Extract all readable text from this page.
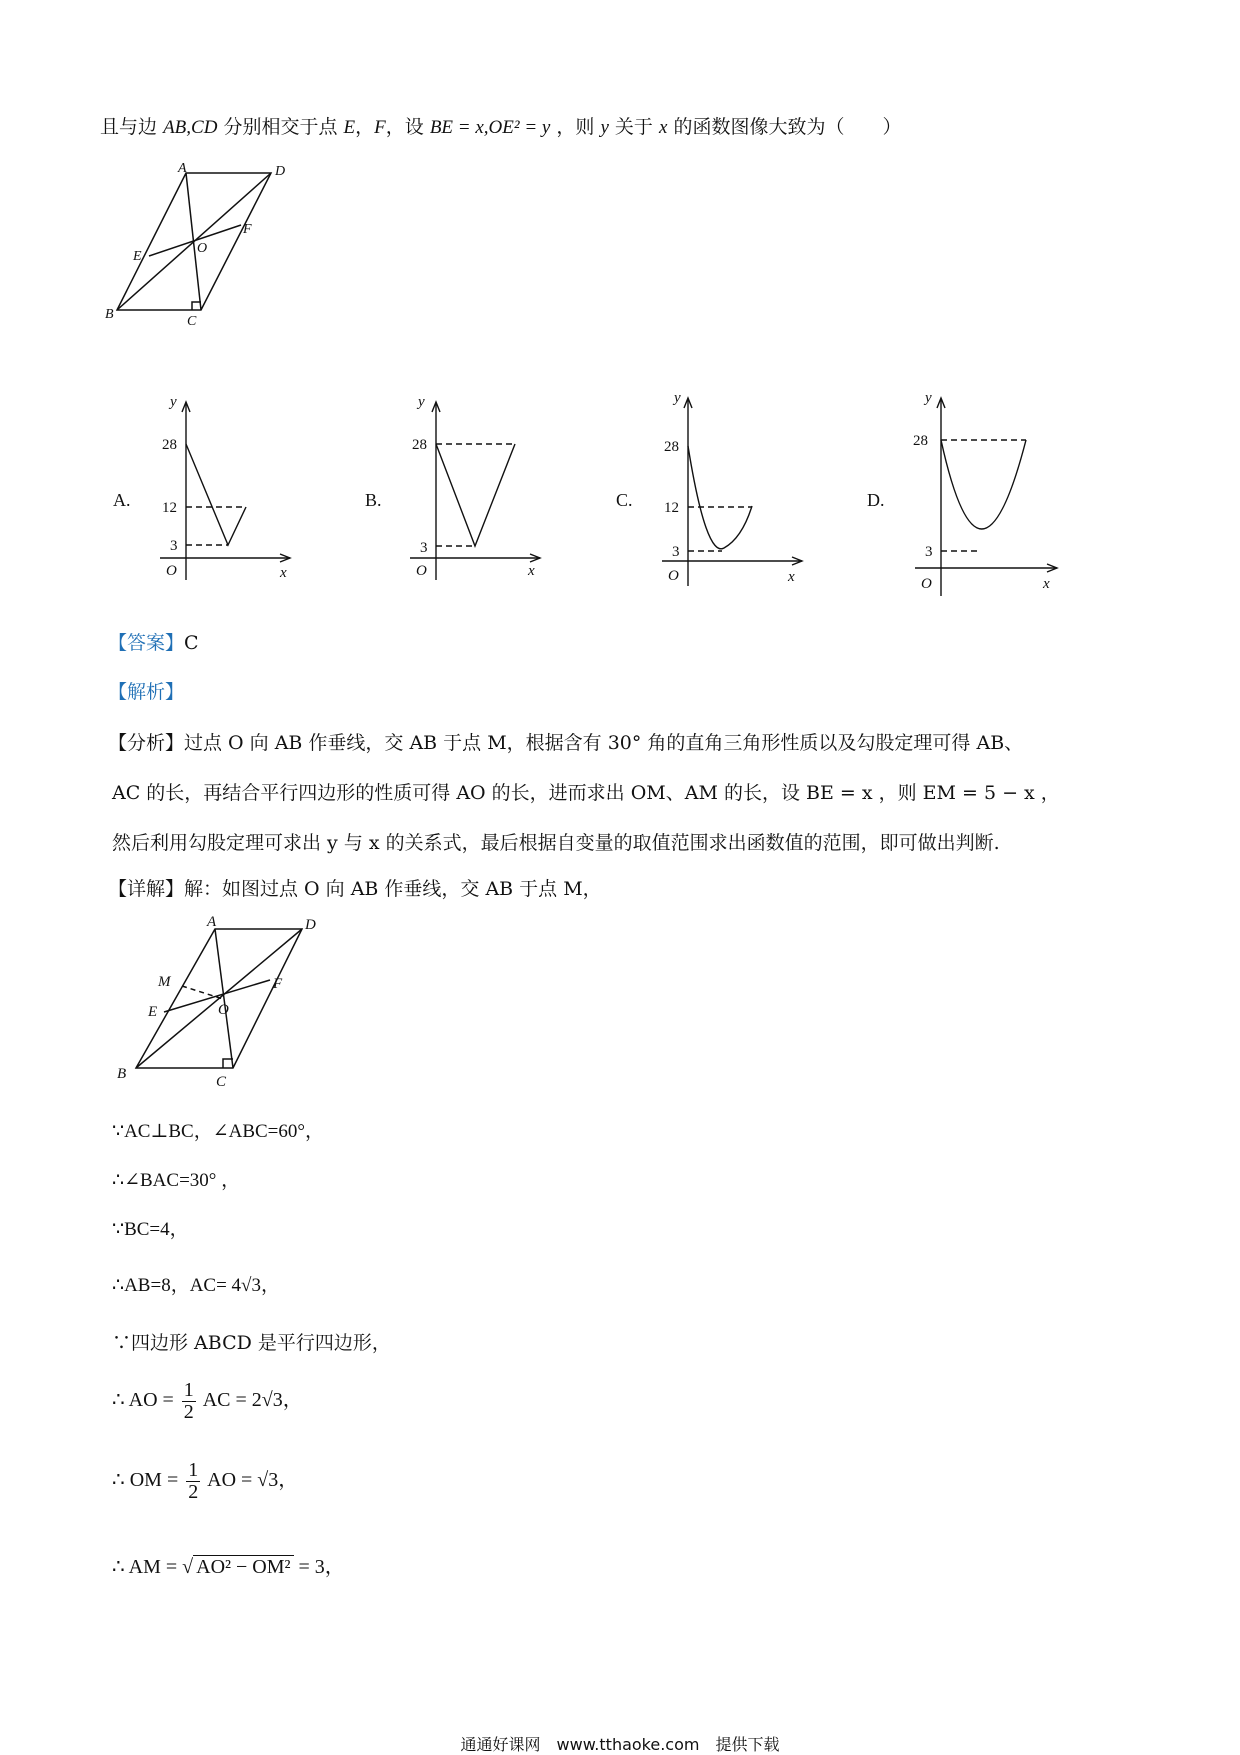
且与边 AB,CD 分别相交于点 E，F，设 BE = x,OE² = y ，则 y 关于 x 的函数图像大致为（　　）
A	D
E
O
F
B	C
A.
y
28
12
3
O	x
B.
y
28
3
O	x
C.
y
28
12
3
O	x
D.
y
28
3
O	x
【答案】C
【解析】
【分析】过点 O 向 AB 作垂线，交 AB 于点 M，根据含有 30° 角的直角三角形性质以及勾股定理可得 AB、
AC 的长，再结合平行四边形的性质可得 AO 的长，进而求出 OM、AM 的长，设 BE = x ，则 EM = 5 − x ，
然后利用勾股定理可求出 y 与 x 的关系式，最后根据自变量的取值范围求出函数值的范围，即可做出判断.
【详解】解：如图过点 O 向 AB 作垂线，交 AB 于点 M，
A	D
M
E	O
F
B	C
∵AC⊥BC，∠ABC=60°，
∴∠BAC=30° ，
∵BC=4，
∴AB=8，AC= 4√3，
∵四边形 ABCD 是平行四边形，
∴ AO = $\frac{1}{2}$ AC = 2√3，
∴ OM = $\frac{1}{2}$ AO = √3，
∴ AM = √ AO² − OM² = 3，
通通好课网　www.tthaoke.com　提供下载
